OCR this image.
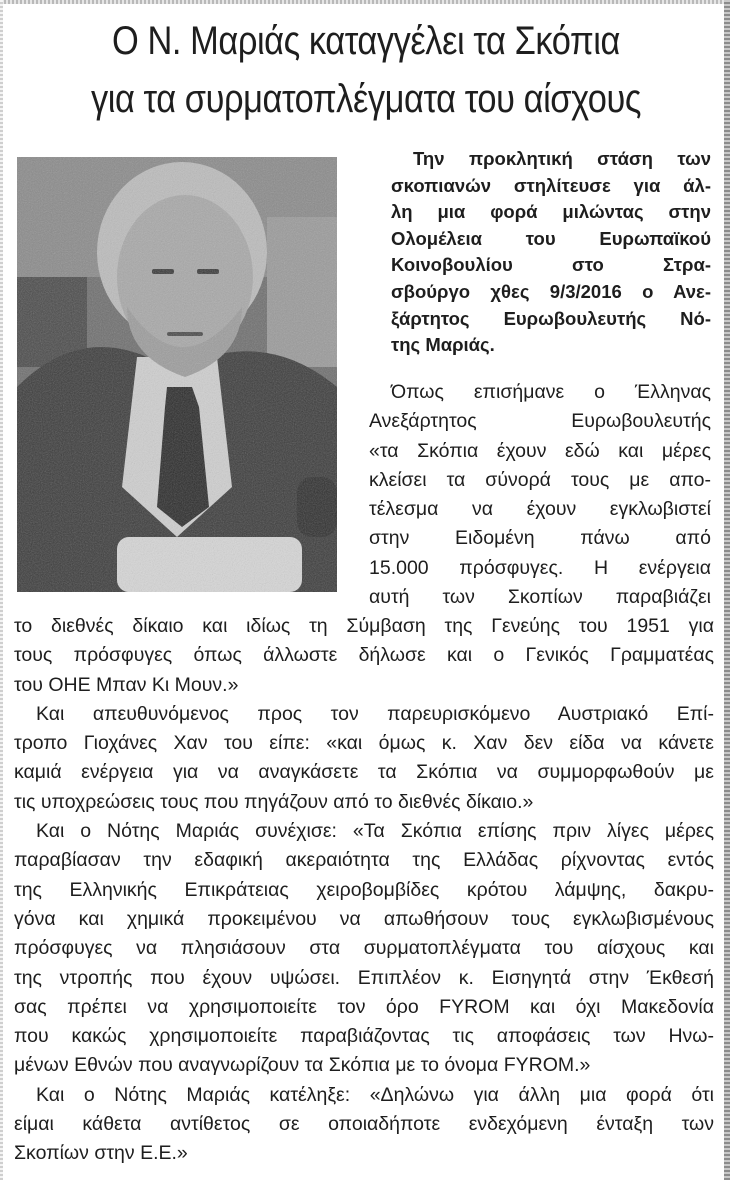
Ο Ν. Μαριάς καταγγέλει τα Σκόπια
για τα συρματοπλέγματα του αίσχους
Την προκλητική στάση των
σκοπιανών στηλίτευσε για άλ-
λη μια φορά μιλώντας στην
Ολομέλεια του Ευρωπαϊκού
Κοινοβουλίου στο Στρα-
σβούργο χθες 9/3/2016 ο Ανε-
ξάρτητος Ευρωβουλευτής Νό-
της Μαριάς.
Όπως επισήμανε ο Έλληνας
Ανεξάρτητος Ευρωβουλευτής
«τα Σκόπια έχουν εδώ και μέρες
κλείσει τα σύνορά τους με απο-
τέλεσμα να έχουν εγκλωβιστεί
στην Ειδομένη πάνω από
15.000 πρόσφυγες. Η ενέργεια
αυτή των Σκοπίων παραβιάζει
το διεθνές δίκαιο και ιδίως τη Σύμβαση της Γενεύης του 1951 για
τους πρόσφυγες όπως άλλωστε δήλωσε και ο Γενικός Γραμματέας
του ΟΗΕ Μπαν Κι Μουν.»
Και απευθυνόμενος προς τον παρευρισκόμενο Αυστριακό Επί-
τροπο Γιοχάνες Χαν του είπε: «και όμως κ. Χαν δεν είδα να κάνετε
καμιά ενέργεια για να αναγκάσετε τα Σκόπια να συμμορφωθούν με
τις υποχρεώσεις τους που πηγάζουν από το διεθνές δίκαιο.»
Και ο Νότης Μαριάς συνέχισε: «Τα Σκόπια επίσης πριν λίγες μέρες
παραβίασαν την εδαφική ακεραιότητα της Ελλάδας ρίχνοντας εντός
της Ελληνικής Επικράτειας χειροβομβίδες κρότου λάμψης, δακρυ-
γόνα και χημικά προκειμένου να απωθήσουν τους εγκλωβισμένους
πρόσφυγες να πλησιάσουν στα συρματοπλέγματα του αίσχους και
της ντροπής που έχουν υψώσει. Επιπλέον κ. Εισηγητά στην Έκθεσή
σας πρέπει να χρησιμοποιείτε τον όρο FYROM και όχι Μακεδονία
που κακώς χρησιμοποιείτε παραβιάζοντας τις αποφάσεις των Ηνω-
μένων Εθνών που αναγνωρίζουν τα Σκόπια με το όνομα FYROM.»
Και ο Νότης Μαριάς κατέληξε: «Δηλώνω για άλλη μια φορά ότι
είμαι κάθετα αντίθετος σε οποιαδήποτε ενδεχόμενη ένταξη των
Σκοπίων στην Ε.Ε.»
